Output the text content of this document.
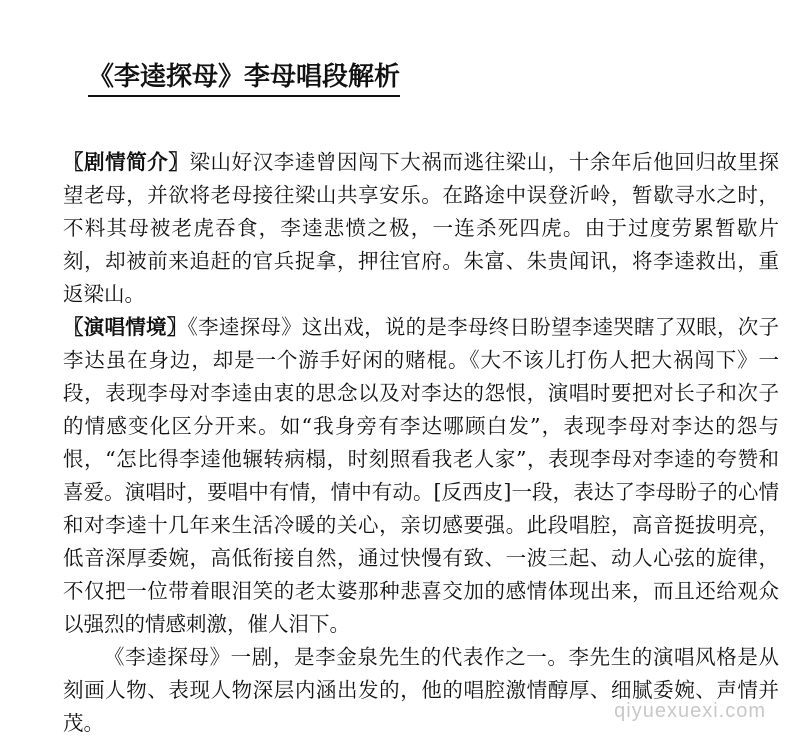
《李逵探母》李母唱段解析

〖剧情简介〗梁山好汉李逵曾因闯下大祸而逃往梁山，十余年后他回归故里探望老母，并欲将老母接往梁山共享安乐。在路途中误登沂岭，暂歇寻水之时，不料其母被老虎吞食，李逵悲愤之极，一连杀死四虎。由于过度劳累暂歇片刻，却被前来追赶的官兵捉拿，押往官府。朱富、朱贵闻讯，将李逵救出，重返梁山。

〖演唱情境〗《李逵探母》这出戏，说的是李母终日盼望李逵哭瞎了双眼，次子李达虽在身边，却是一个游手好闲的赌棍。《大不该儿打伤人把大祸闯下》一段，表现李母对李逵由衷的思念以及对李达的怨恨，演唱时要把对长子和次子的情感变化区分开来。如“我身旁有李达哪顾白发”，表现李母对李达的怨与恨，“怎比得李逵他辗转病榻，时刻照看我老人家”，表现李母对李逵的夸赞和喜爱。演唱时，要唱中有情，情中有动。[反西皮]一段，表达了李母盼子的心情和对李逵十几年来生活冷暖的关心，亲切感要强。此段唱腔，高音挺拔明亮，低音深厚委婉，高低衔接自然，通过快慢有致、一波三起、动人心弦的旋律，不仅把一位带着眼泪笑的老太婆那种悲喜交加的感情体现出来，而且还给观众以强烈的情感刺激，催人泪下。

《李逵探母》一剧，是李金泉先生的代表作之一。李先生的演唱风格是从刻画人物、表现人物深层内涵出发的，他的唱腔激情醇厚、细腻委婉、声情并茂。	qiyuexuexi.com
